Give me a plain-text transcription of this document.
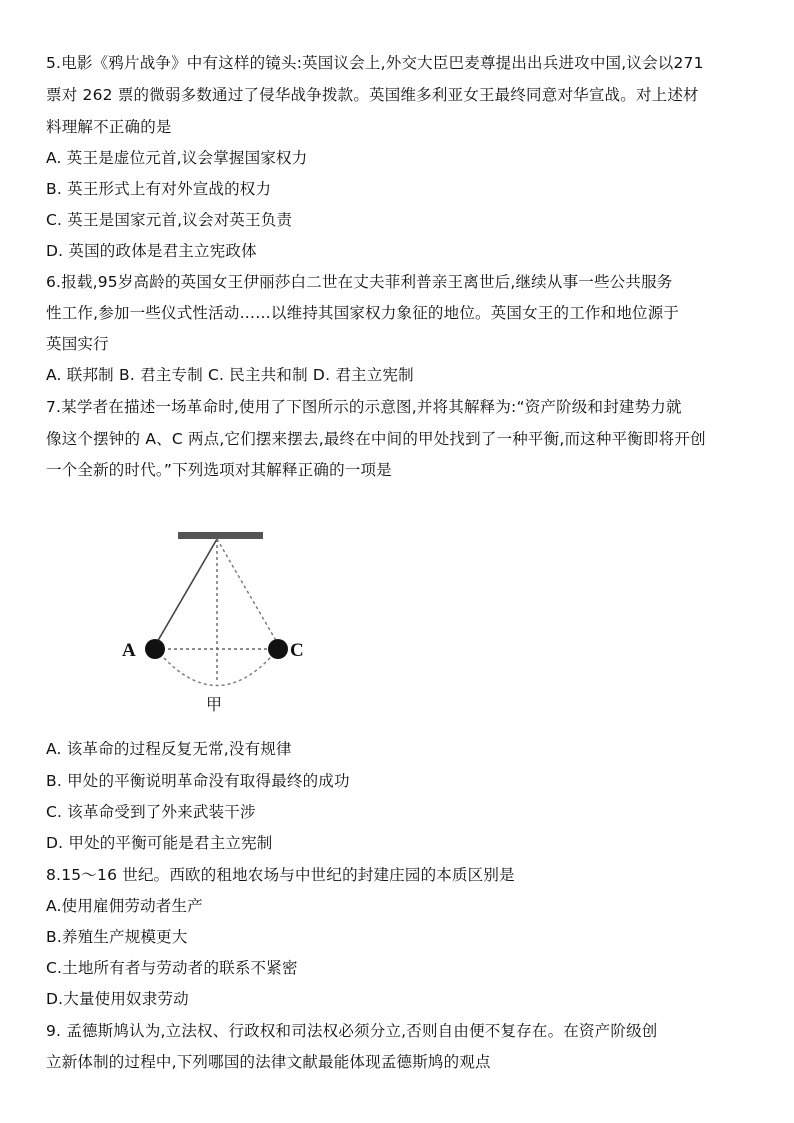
5.电影《鸦片战争》中有这样的镜头:英国议会上,外交大臣巴麦尊提出出兵进攻中国,议会以271
票对 262 票的微弱多数通过了侵华战争拨款。英国维多利亚女王最终同意对华宣战。对上述材
料理解不正确的是
A. 英王是虚位元首,议会掌握国家权力
B. 英王形式上有对外宣战的权力
C. 英王是国家元首,议会对英王负责
D. 英国的政体是君主立宪政体
6.报载,95岁高龄的英国女王伊丽莎白二世在丈夫菲利普亲王离世后,继续从事一些公共服务
性工作,参加一些仪式性活动……以维持其国家权力象征的地位。英国女王的工作和地位源于
英国实行
A. 联邦制 B. 君主专制 C. 民主共和制 D. 君主立宪制
7.某学者在描述一场革命时,使用了下图所示的示意图,并将其解释为:“资产阶级和封建势力就
像这个摆钟的 A、C 两点,它们摆来摆去,最终在中间的甲处找到了一种平衡,而这种平衡即将开创
一个全新的时代。”下列选项对其解释正确的一项是
A	C
甲
A. 该革命的过程反复无常,没有规律
B. 甲处的平衡说明革命没有取得最终的成功
C. 该革命受到了外来武装干涉
D. 甲处的平衡可能是君主立宪制
8.15～16 世纪。西欧的租地农场与中世纪的封建庄园的本质区别是
A.使用雇佣劳动者生产
B.养殖生产规模更大
C.土地所有者与劳动者的联系不紧密
D.大量使用奴隶劳动
9. 孟德斯鸠认为,立法权、行政权和司法权必须分立,否则自由便不复存在。在资产阶级创
立新体制的过程中,下列哪国的法律文献最能体现孟德斯鸠的观点
